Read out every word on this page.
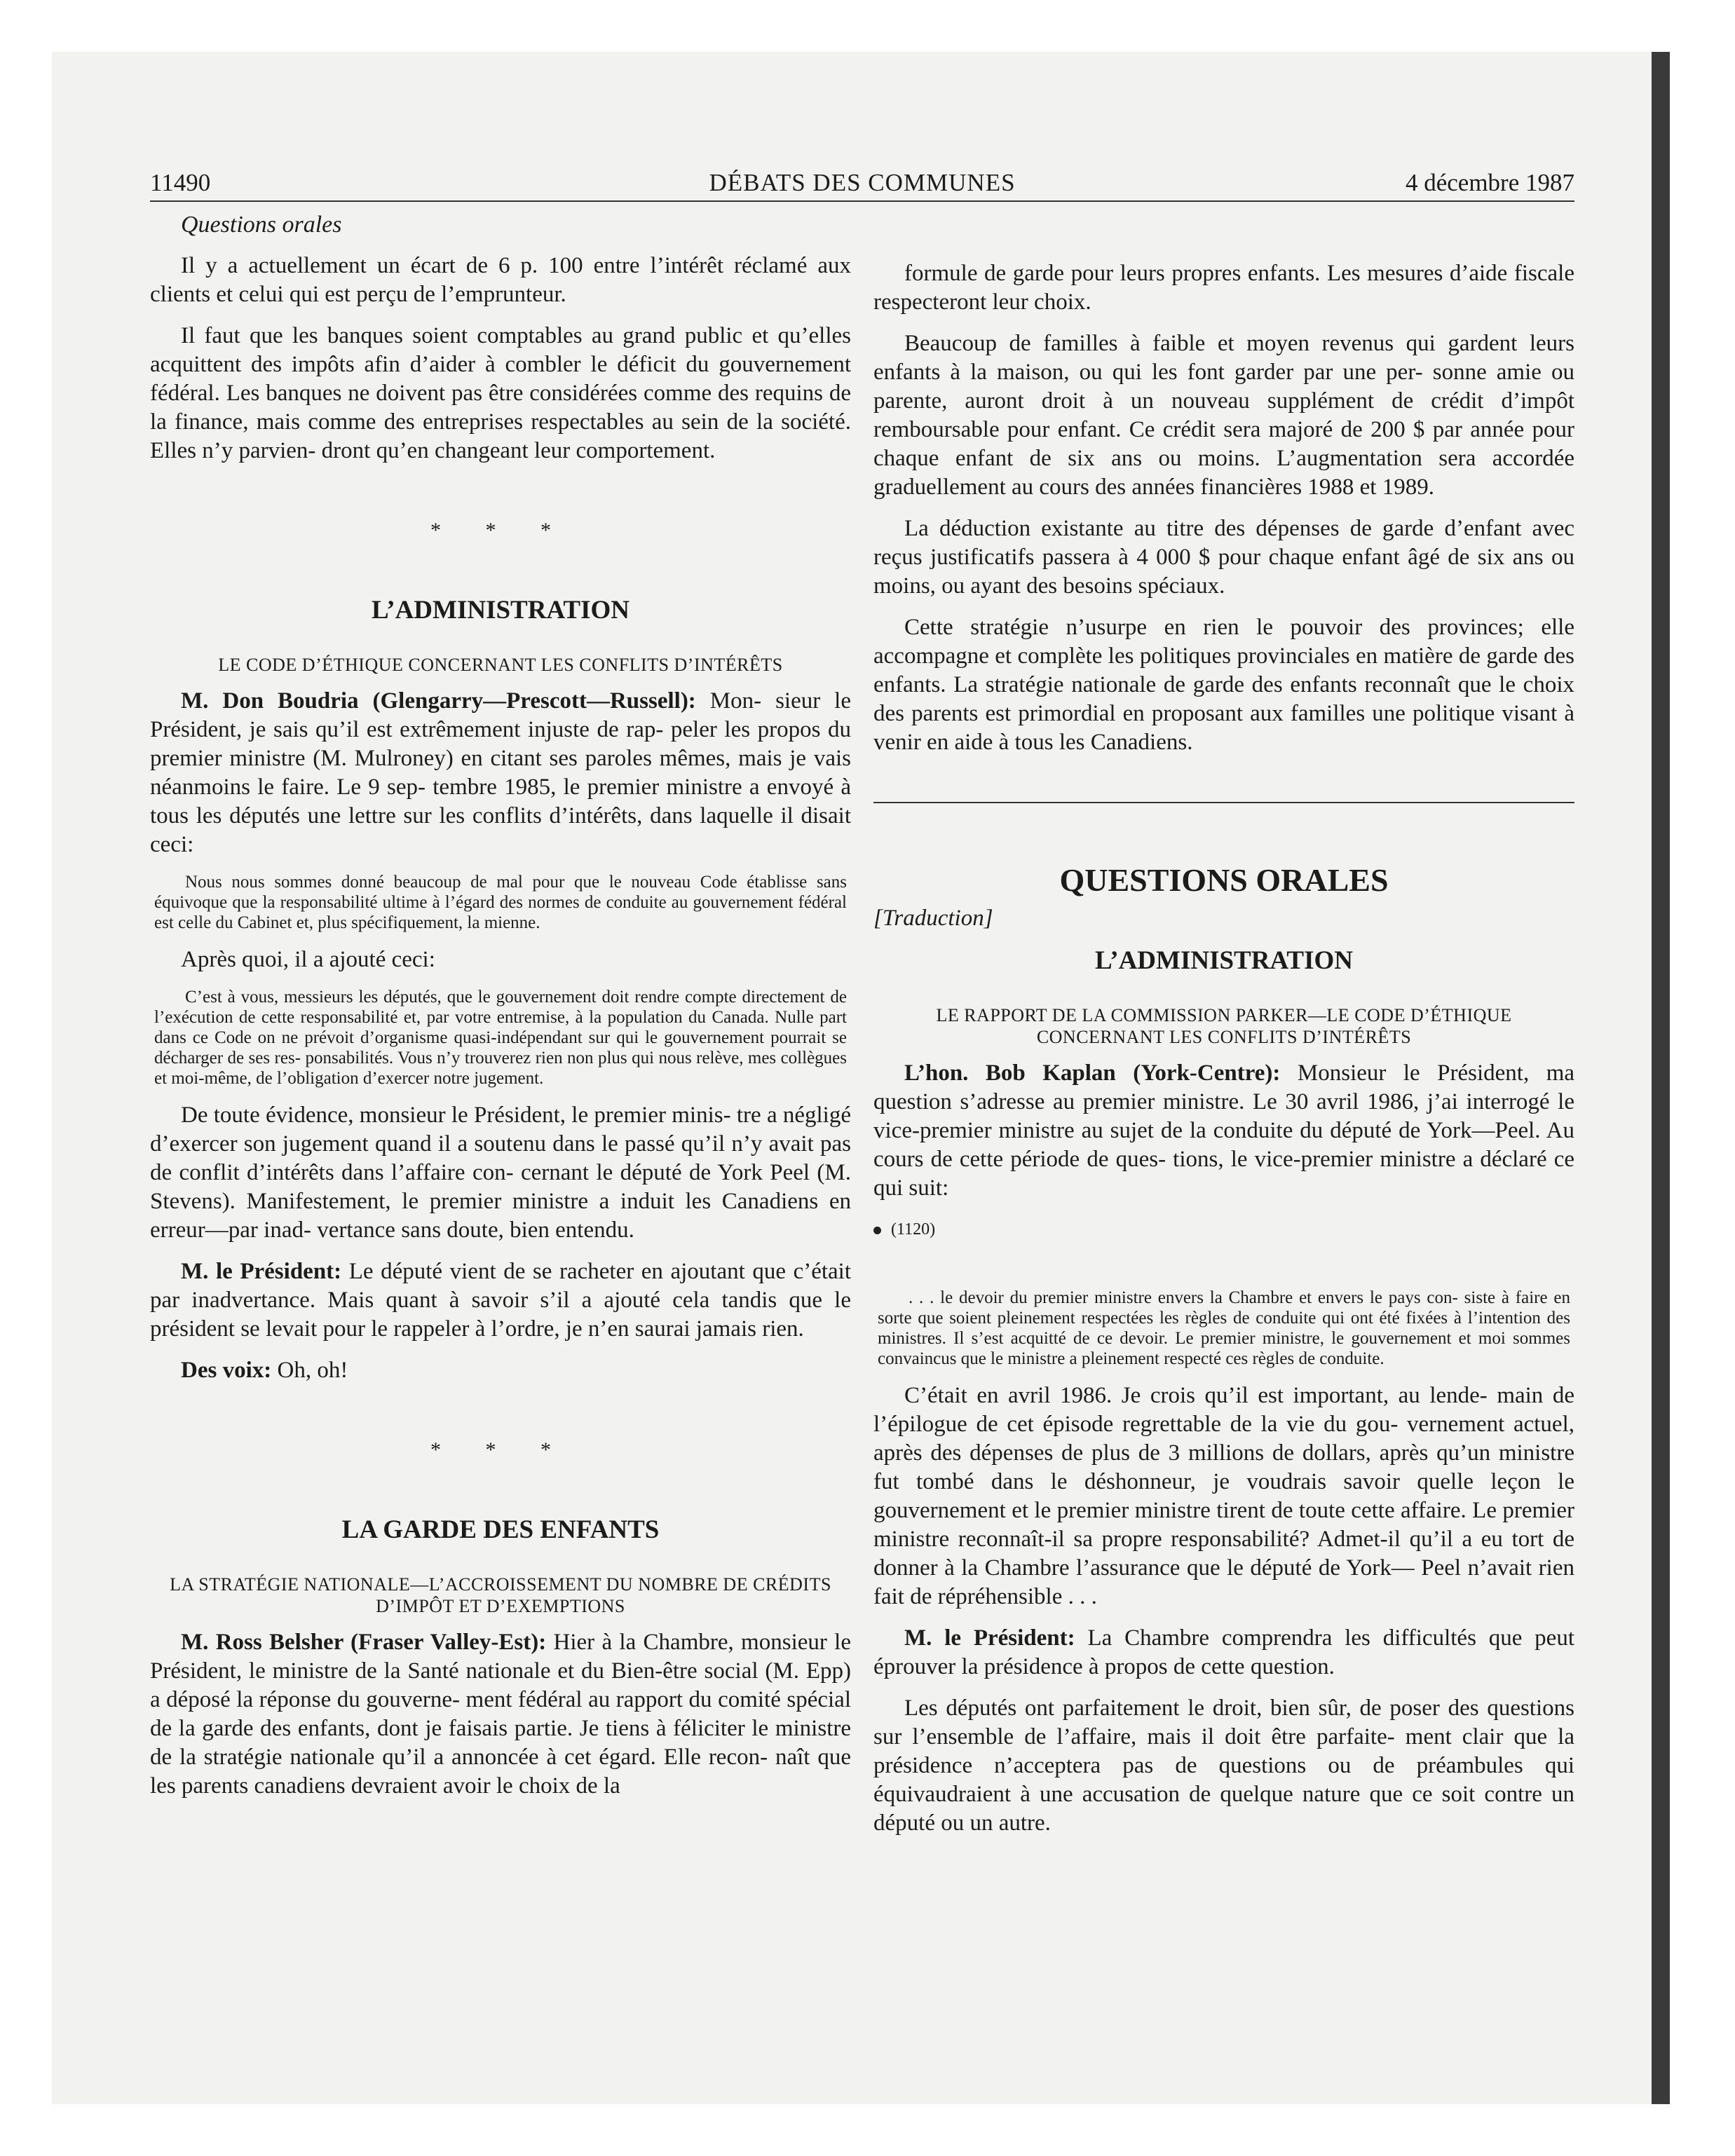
11490	DÉBATS DES COMMUNES	4 décembre 1987

Questions orales

Il y a actuellement un écart de 6 p. 100 entre l’intérêt réclamé aux clients et celui qui est perçu de l’emprunteur.

Il faut que les banques soient comptables au grand public et qu’elles acquittent des impôts afin d’aider à combler le déficit du gouvernement fédéral. Les banques ne doivent pas être considérées comme des requins de la finance, mais comme des entreprises respectables au sein de la société. Elles n’y parvien- dront qu’en changeant leur comportement.

* * *
L’ADMINISTRATION
LE CODE D’ÉTHIQUE CONCERNANT LES CONFLITS D’INTÉRÊTS

M. Don Boudria (Glengarry—Prescott—Russell): Mon- sieur le Président, je sais qu’il est extrêmement injuste de rap- peler les propos du premier ministre (M. Mulroney) en citant ses paroles mêmes, mais je vais néanmoins le faire. Le 9 sep- tembre 1985, le premier ministre a envoyé à tous les députés une lettre sur les conflits d’intérêts, dans laquelle il disait ceci:

Nous nous sommes donné beaucoup de mal pour que le nouveau Code établisse sans équivoque que la responsabilité ultime à l’égard des normes de conduite au gouvernement fédéral est celle du Cabinet et, plus spécifiquement, la mienne.

Après quoi, il a ajouté ceci:

C’est à vous, messieurs les députés, que le gouvernement doit rendre compte directement de l’exécution de cette responsabilité et, par votre entremise, à la population du Canada. Nulle part dans ce Code on ne prévoit d’organisme quasi-indépendant sur qui le gouvernement pourrait se décharger de ses res- ponsabilités. Vous n’y trouverez rien non plus qui nous relève, mes collègues et moi-même, de l’obligation d’exercer notre jugement.

De toute évidence, monsieur le Président, le premier minis- tre a négligé d’exercer son jugement quand il a soutenu dans le passé qu’il n’y avait pas de conflit d’intérêts dans l’affaire con- cernant le député de York Peel (M. Stevens). Manifestement, le premier ministre a induit les Canadiens en erreur—par inad- vertance sans doute, bien entendu.

M. le Président: Le député vient de se racheter en ajoutant que c’était par inadvertance. Mais quant à savoir s’il a ajouté cela tandis que le président se levait pour le rappeler à l’ordre, je n’en saurai jamais rien.

Des voix: Oh, oh!

* * *
LA GARDE DES ENFANTS
LA STRATÉGIE NATIONALE—L’ACCROISSEMENT DU NOMBRE DE CRÉDITS D’IMPÔT ET D’EXEMPTIONS

M. Ross Belsher (Fraser Valley-Est): Hier à la Chambre, monsieur le Président, le ministre de la Santé nationale et du Bien-être social (M. Epp) a déposé la réponse du gouverne- ment fédéral au rapport du comité spécial de la garde des enfants, dont je faisais partie. Je tiens à féliciter le ministre de la stratégie nationale qu’il a annoncée à cet égard. Elle recon- naît que les parents canadiens devraient avoir le choix de la

formule de garde pour leurs propres enfants. Les mesures d’aide fiscale respecteront leur choix.

Beaucoup de familles à faible et moyen revenus qui gardent leurs enfants à la maison, ou qui les font garder par une per- sonne amie ou parente, auront droit à un nouveau supplément de crédit d’impôt remboursable pour enfant. Ce crédit sera majoré de 200 $ par année pour chaque enfant de six ans ou moins. L’augmentation sera accordée graduellement au cours des années financières 1988 et 1989.

La déduction existante au titre des dépenses de garde d’enfant avec reçus justificatifs passera à 4 000 $ pour chaque enfant âgé de six ans ou moins, ou ayant des besoins spéciaux.

Cette stratégie n’usurpe en rien le pouvoir des provinces; elle accompagne et complète les politiques provinciales en matière de garde des enfants. La stratégie nationale de garde des enfants reconnaît que le choix des parents est primordial en proposant aux familles une politique visant à venir en aide à tous les Canadiens.

QUESTIONS ORALES
[Traduction]
L’ADMINISTRATION
LE RAPPORT DE LA COMMISSION PARKER—LE CODE D’ÉTHIQUE CONCERNANT LES CONFLITS D’INTÉRÊTS

L’hon. Bob Kaplan (York-Centre): Monsieur le Président, ma question s’adresse au premier ministre. Le 30 avril 1986, j’ai interrogé le vice-premier ministre au sujet de la conduite du député de York—Peel. Au cours de cette période de ques- tions, le vice-premier ministre a déclaré ce qui suit:

(1120)
. . . le devoir du premier ministre envers la Chambre et envers le pays con- siste à faire en sorte que soient pleinement respectées les règles de conduite qui ont été fixées à l’intention des ministres. Il s’est acquitté de ce devoir. Le premier ministre, le gouvernement et moi sommes convaincus que le ministre a pleinement respecté ces règles de conduite.

C’était en avril 1986. Je crois qu’il est important, au lende- main de l’épilogue de cet épisode regrettable de la vie du gou- vernement actuel, après des dépenses de plus de 3 millions de dollars, après qu’un ministre fut tombé dans le déshonneur, je voudrais savoir quelle leçon le gouvernement et le premier ministre tirent de toute cette affaire. Le premier ministre reconnaît-il sa propre responsabilité? Admet-il qu’il a eu tort de donner à la Chambre l’assurance que le député de York— Peel n’avait rien fait de répréhensible . . .

M. le Président: La Chambre comprendra les difficultés que peut éprouver la présidence à propos de cette question.

Les députés ont parfaitement le droit, bien sûr, de poser des questions sur l’ensemble de l’affaire, mais il doit être parfaite- ment clair que la présidence n’acceptera pas de questions ou de préambules qui équivaudraient à une accusation de quelque nature que ce soit contre un député ou un autre.
